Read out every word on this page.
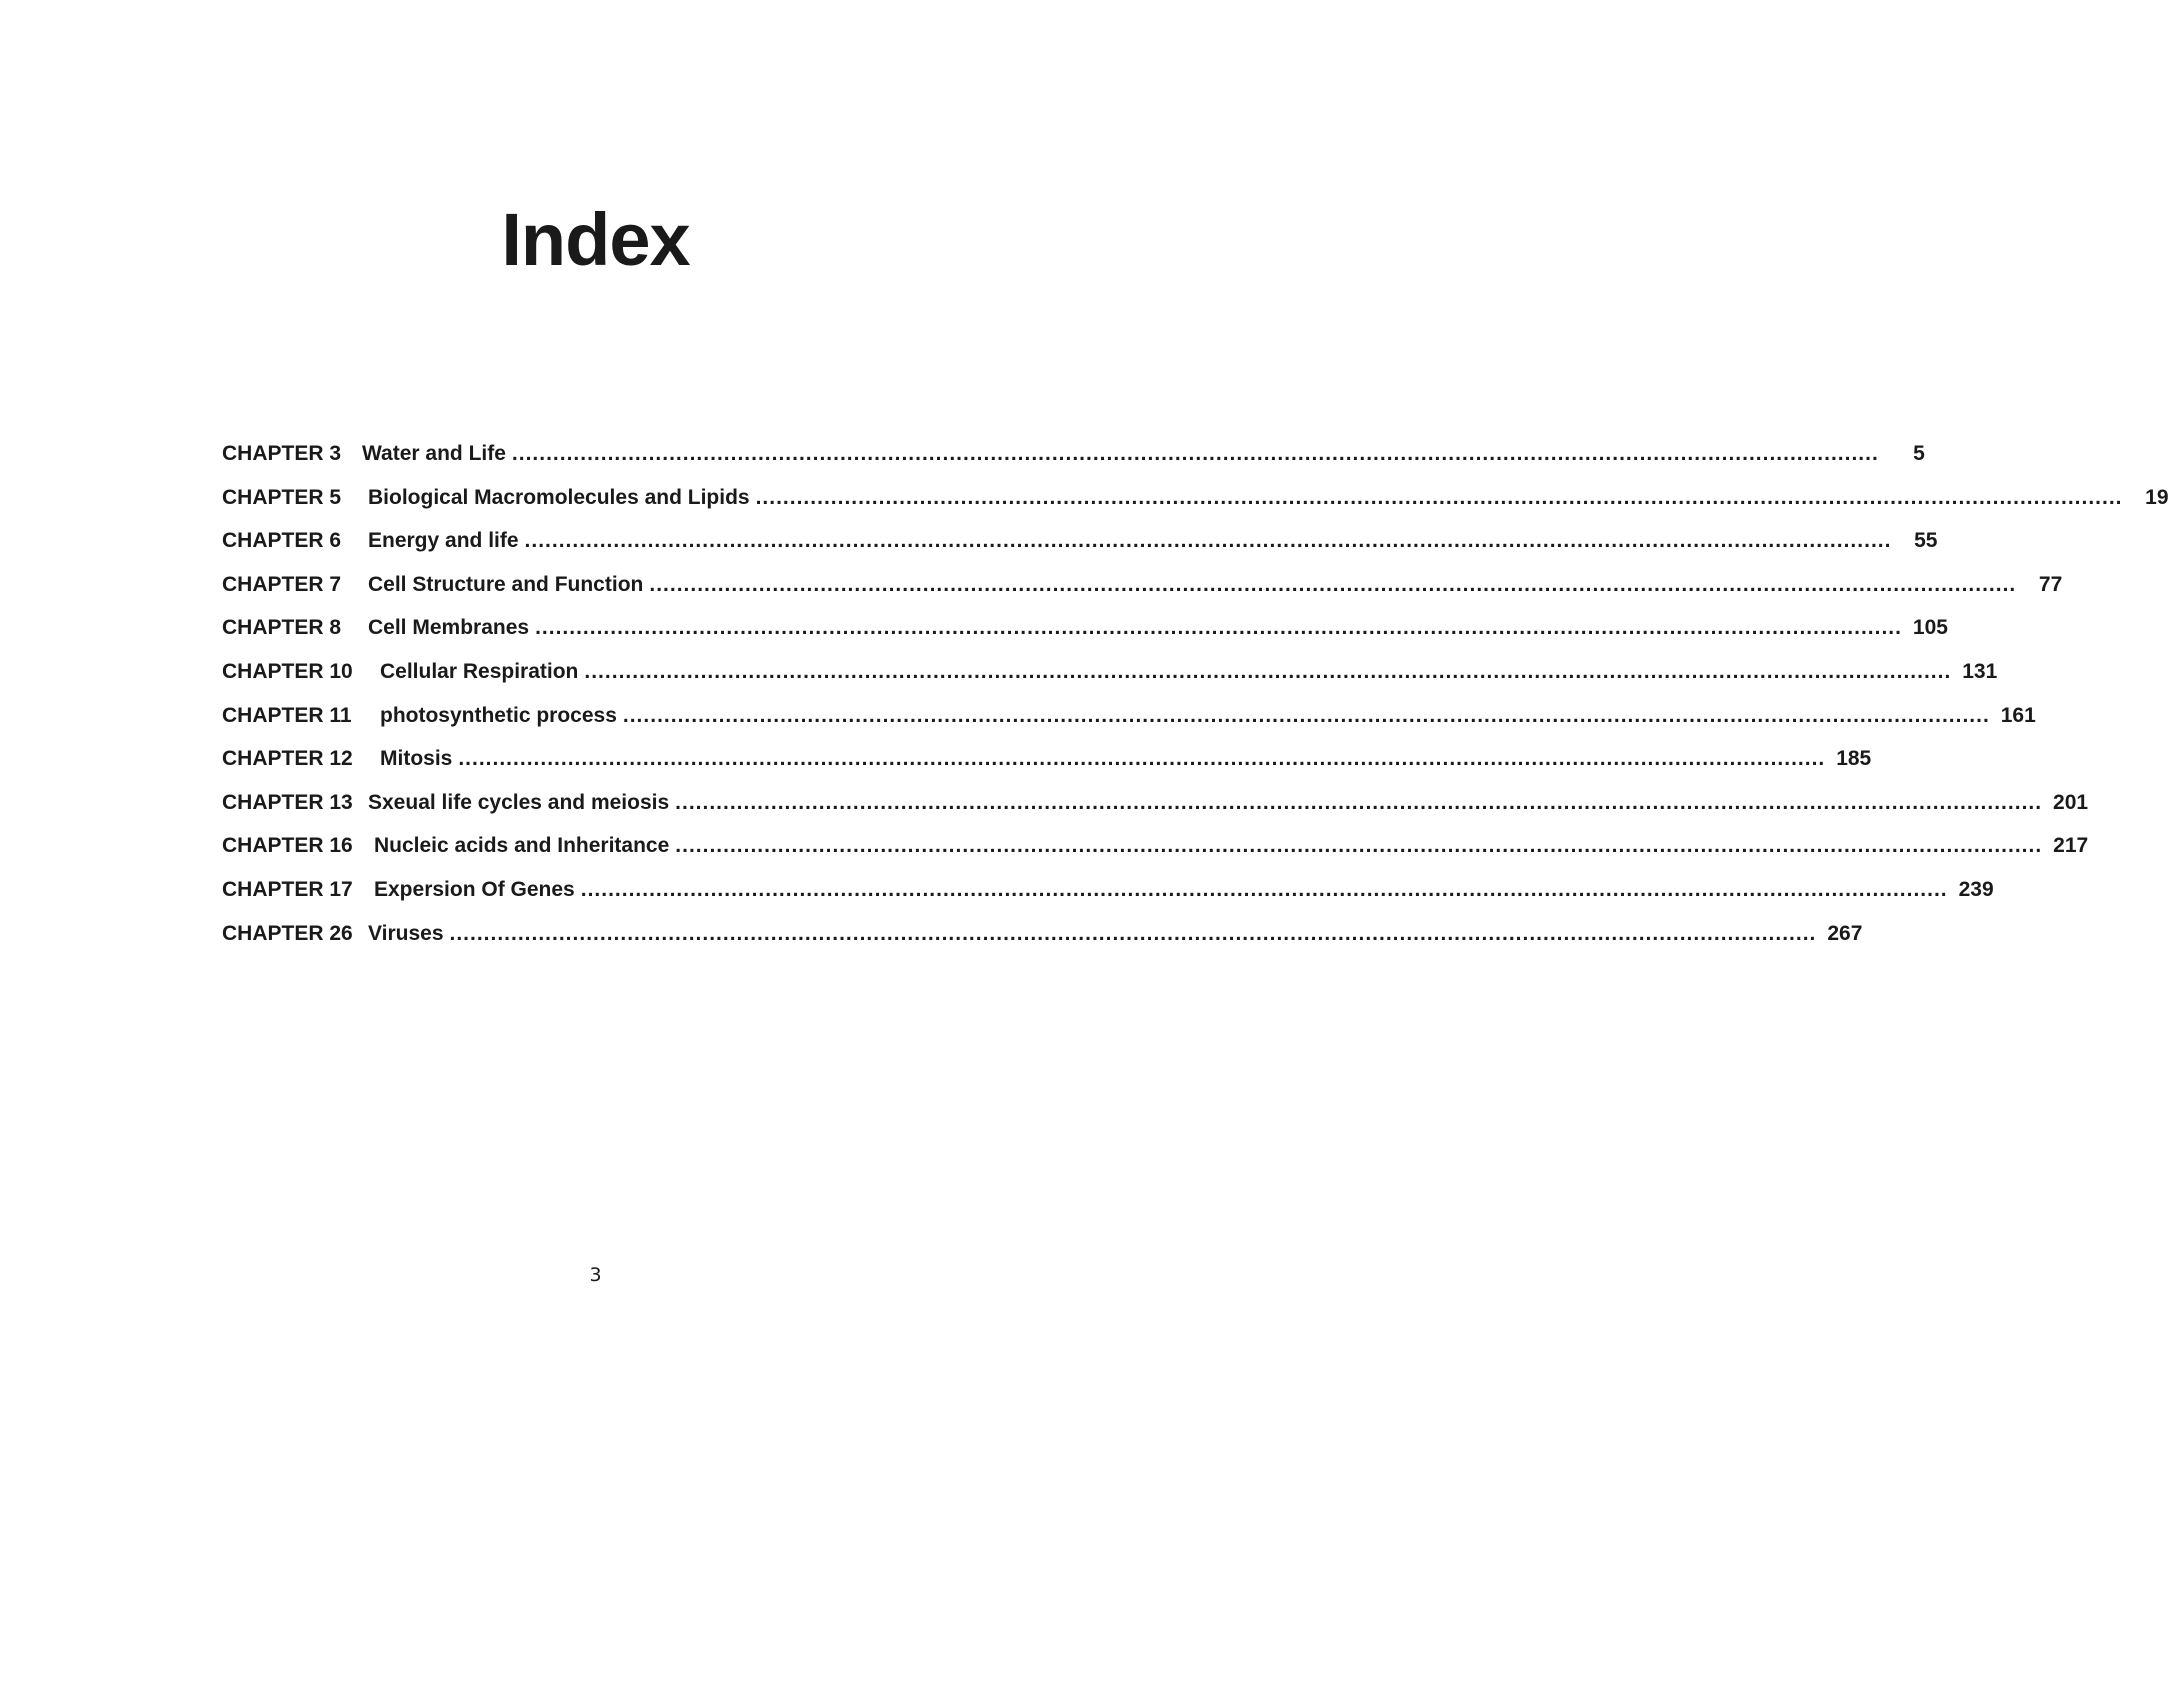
Index
CHAPTER 3 Water and Life ........................................................................................................................................................................................................	5
CHAPTER 5	Biological Macromolecules and Lipids ........................................................................................................................................................................................................	19
CHAPTER 6	Energy and life ........................................................................................................................................................................................................	55
CHAPTER 7	Cell Structure and Function ........................................................................................................................................................................................................	77
CHAPTER 8	Cell Membranes ........................................................................................................................................................................................................ 105
CHAPTER 10	Cellular Respiration ........................................................................................................................................................................................................ 131
CHAPTER 11	photosynthetic process ........................................................................................................................................................................................................ 161
CHAPTER 12	Mitosis ........................................................................................................................................................................................................ 185
CHAPTER 13 Sxeual life cycles and meiosis ........................................................................................................................................................................................................ 201
CHAPTER 16	Nucleic acids and Inheritance ........................................................................................................................................................................................................ 217
CHAPTER 17	Expersion Of Genes ........................................................................................................................................................................................................ 239
CHAPTER 26 Viruses ........................................................................................................................................................................................................ 267
3
